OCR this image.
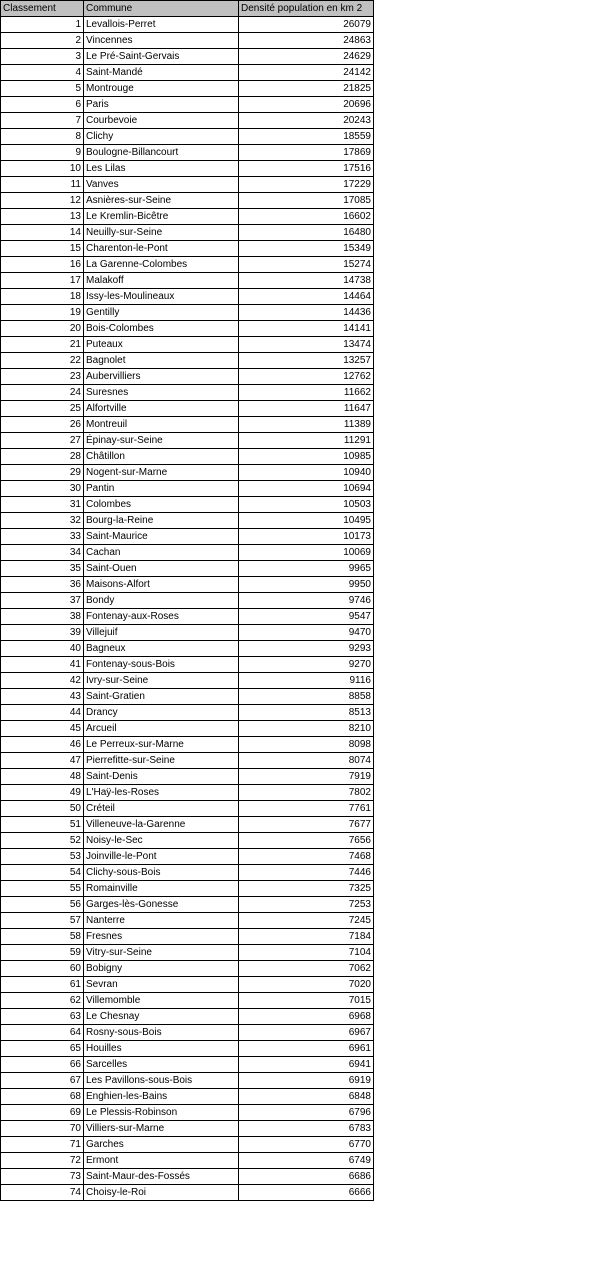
Classement	Commune	Densité population en km 2
1	Levallois-Perret	26079
2	Vincennes	24863
3	Le Pré-Saint-Gervais	24629
4	Saint-Mandé	24142
5	Montrouge	21825
6	Paris	20696
7	Courbevoie	20243
8	Clichy	18559
9	Boulogne-Billancourt	17869
10	Les Lilas	17516
11	Vanves	17229
12	Asnières-sur-Seine	17085
13	Le Kremlin-Bicêtre	16602
14	Neuilly-sur-Seine	16480
15	Charenton-le-Pont	15349
16	La Garenne-Colombes	15274
17	Malakoff	14738
18	Issy-les-Moulineaux	14464
19	Gentilly	14436
20	Bois-Colombes	14141
21	Puteaux	13474
22	Bagnolet	13257
23	Aubervilliers	12762
24	Suresnes	11662
25	Alfortville	11647
26	Montreuil	11389
27	Épinay-sur-Seine	11291
28	Châtillon	10985
29	Nogent-sur-Marne	10940
30	Pantin	10694
31	Colombes	10503
32	Bourg-la-Reine	10495
33	Saint-Maurice	10173
34	Cachan	10069
35	Saint-Ouen	9965
36	Maisons-Alfort	9950
37	Bondy	9746
38	Fontenay-aux-Roses	9547
39	Villejuif	9470
40	Bagneux	9293
41	Fontenay-sous-Bois	9270
42	Ivry-sur-Seine	9116
43	Saint-Gratien	8858
44	Drancy	8513
45	Arcueil	8210
46	Le Perreux-sur-Marne	8098
47	Pierrefitte-sur-Seine	8074
48	Saint-Denis	7919
49	L'Haÿ-les-Roses	7802
50	Créteil	7761
51	Villeneuve-la-Garenne	7677
52	Noisy-le-Sec	7656
53	Joinville-le-Pont	7468
54	Clichy-sous-Bois	7446
55	Romainville	7325
56	Garges-lès-Gonesse	7253
57	Nanterre	7245
58	Fresnes	7184
59	Vitry-sur-Seine	7104
60	Bobigny	7062
61	Sevran	7020
62	Villemomble	7015
63	Le Chesnay	6968
64	Rosny-sous-Bois	6967
65	Houilles	6961
66	Sarcelles	6941
67	Les Pavillons-sous-Bois	6919
68	Enghien-les-Bains	6848
69	Le Plessis-Robinson	6796
70	Villiers-sur-Marne	6783
71	Garches	6770
72	Ermont	6749
73	Saint-Maur-des-Fossés	6686
74	Choisy-le-Roi	6666
